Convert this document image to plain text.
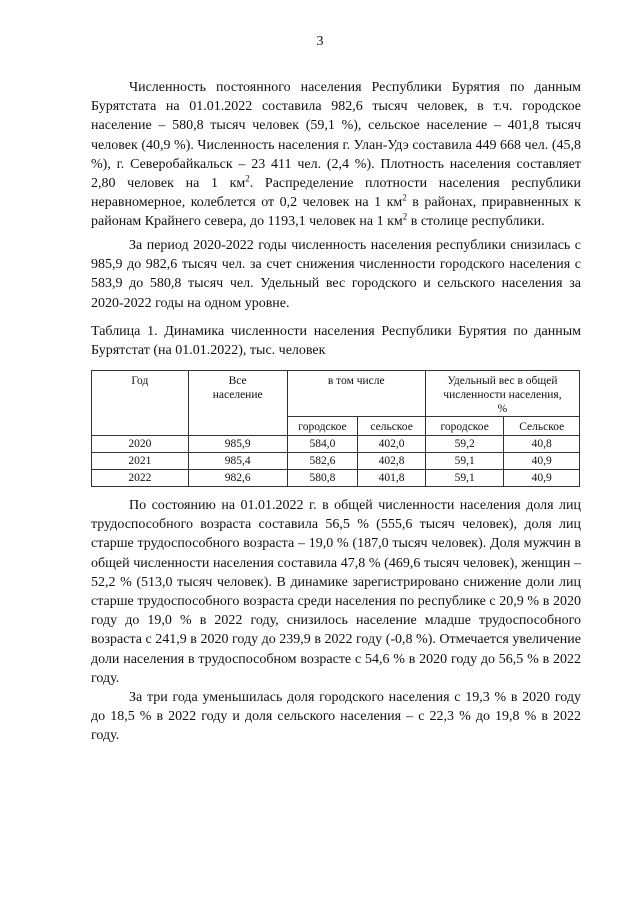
3

Численность постоянного населения Республики Бурятия по данным Бурятстата на 01.01.2022 составила 982,6 тысяч человек, в т.ч. городское население – 580,8 тысяч человек (59,1 %), сельское население – 401,8 тысяч человек (40,9 %). Численность населения г. Улан-Удэ составила 449 668 чел. (45,8 %), г. Северобайкальск – 23 411 чел. (2,4 %). Плотность населения составляет 2,80 человек на 1 $км^2$. Распределение плотности населения республики неравномерное, колеблется от 0,2 человек на 1 $км^2$ в районах, приравненных к районам Крайнего севера, до 1193,1 человек на 1 $км^2$ в столице республики.

За период 2020-2022 годы численность населения республики снизилась с 985,9 до 982,6 тысяч чел. за счет снижения численности городского населения с 583,9 до 580,8 тысяч чел. Удельный вес городского и сельского населения за 2020-2022 годы на одном уровне.

Таблица 1. Динамика численности населения Республики Бурятия по данным Бурятстат (на 01.01.2022), тыс. человек

Год	Все население	в том числе		Удельный вес в общей численности населения, %	
		городское	сельское	городское	Сельское
2020	985,9	584,0	402,0	59,2	40,8
2021	985,4	582,6	402,8	59,1	40,9
2022	982,6	580,8	401,8	59,1	40,9

По состоянию на 01.01.2022 г. в общей численности населения доля лиц трудоспособного возраста составила 56,5 % (555,6 тысяч человек), доля лиц старше трудоспособного возраста – 19,0 % (187,0 тысяч человек). Доля мужчин в общей численности населения составила 47,8 % (469,6 тысяч человек), женщин – 52,2 % (513,0 тысяч человек). В динамике зарегистрировано снижение доли лиц старше трудоспособного возраста среди населения по республике с 20,9 % в 2020 году до 19,0 % в 2022 году, снизилось население младше трудоспособного возраста с 241,9 в 2020 году до 239,9 в 2022 году (-0,8 %). Отмечается увеличение доли населения в трудоспособном возрасте с 54,6 % в 2020 году до 56,5 % в 2022 году.

За три года уменьшилась доля городского населения с 19,3 % в 2020 году до 18,5 % в 2022 году и доля сельского населения – с 22,3 % до 19,8 % в 2022 году.
